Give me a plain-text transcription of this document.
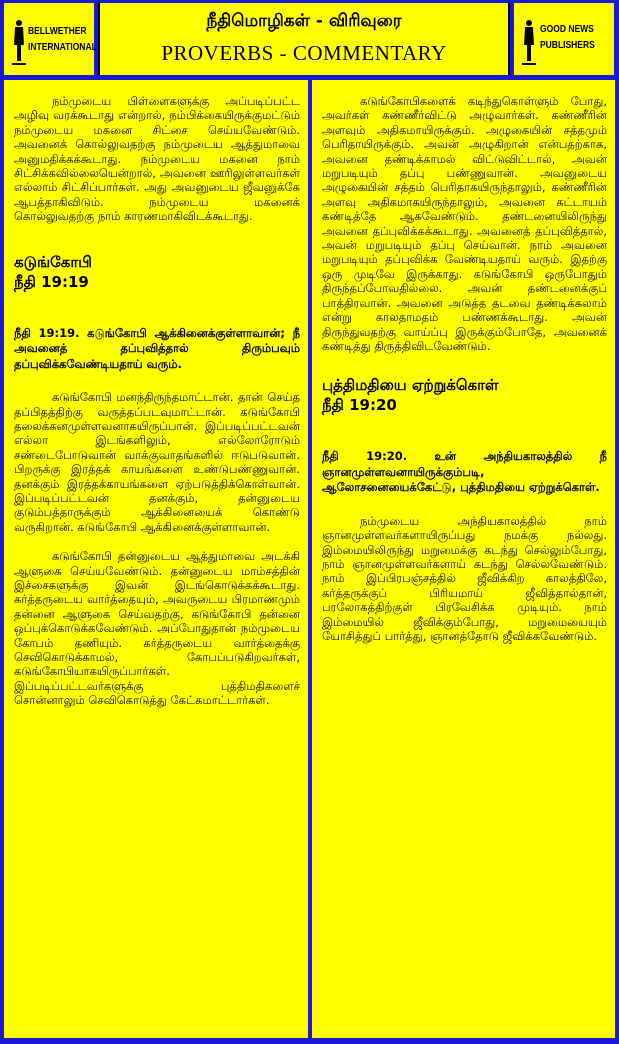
BELLWETHER
INTERNATIONAL
நீதிமொழிகள் - விரிவுரை
PROVERBS - COMMENTARY
GOOD NEWS
PUBLISHERS

நம்முடைய பிள்ளைகளுக்கு அப்படிப்பட்ட அழிவு வரக்கூடாது என்றால், நம்பிக்கையிருக்குமட்டும் நம்முடைய மகனை சிட்சை செய்யவேண்டும். அவனைக் கொல்லுவதற்கு நம்முடைய ஆத்துமாவை அனுமதிக்கக்கூடாது. நம்முடைய மகனை நாம் சிட்சிக்கவில்லையென்றால், அவனை ஊரிலுள்ளவர்கள் எல்லாம் சிட்சிப்பார்கள். அது அவனுடைய ஜீவனுக்கே ஆபத்தாகிவிடும். நம்முடைய மகனைக் கொல்லுவதற்கு நாம் காரணமாகிவிடக்கூடாது.

கடுங்கோபி
நீதி 19:19
நீதி 19:19. கடுங்கோபி ஆக்கினைக்குள்ளாவான்; நீ அவனைத் தப்புவித்தால் திரும்பவும் தப்புவிக்கவேண்டியதாய் வரும்.

கடுங்கோபி மனந்திருந்தமாட்டான். தான் செய்த தப்பிதத்திற்கு வருத்தப்படவுமாட்டான். கடுங்கோபி தலைக்கனமுள்ளவனாகயிருப்பான். இப்படிப்பட்டவன் எல்லா இடங்களிலும், எல்லோரோடும் சண்டைபோடுவான் வாக்குவாதங்களில் ஈடுபடுவான். பிறருக்கு இரத்தக் காயங்களை உண்டுபண்ணுவான். தனக்கும் இரத்தக்காயங்களை ஏற்படுத்திக்கொள்வான். இப்படிப்பட்டவன் தனக்கும், தன்னுடைய குடும்பத்தாருக்கும் ஆக்கினையைக் கொண்டு வருகிறான். கடுங்கோபி ஆக்கினைக்குள்ளாவான்.

கடுங்கோபி தன்னுடைய ஆத்துமாவை அடக்கி ஆளுகை செய்யவேண்டும். தன்னுடைய மாம்சத்தின் இச்சைகளுக்கு இவன் இடங்கொடுக்கக்கூடாது. கர்த்தருடைய வார்த்தையும், அவருடைய பிரமாணமும் தன்னை ஆளுகை செய்வதற்கு, கடுங்கோபி தன்னை ஒப்புக்கொடுக்கவேண்டும். அப்போதுதான் நம்முடைய கோபம் தணியும். கர்த்தருடைய வார்த்தைக்கு செவிகொடுக்காமல், கோபப்படுகிறவர்கள், கடுங்கோபியாகயிருப்பார்கள். இப்படிப்பட்டவர்களுக்கு புத்திமதிகளைச் சொன்னாலும் செவிகொடுத்து கேட்கமாட்டார்கள்.

கடுங்கோபிகளைக் கடிந்துகொள்ளும் போது, அவர்கள் கண்ணீர்விட்டு அழுவார்கள். கண்ணீரின் அளவும் அதிகமாயிருக்கும். அழுகையின் சத்தமும் பெரிதாயிருக்கும். அவன் அழுகிறான் என்பதற்காக, அவனை தண்டிக்காமல் விட்டுவிட்டால், அவன் மறுபடியும் தப்பு பண்ணுவான். அவனுடைய அழுகையின் சத்தம் பெரிதாகயிருந்தாலும், கண்ணீரின் அளவு அதிகமாகயிருந்தாலும், அவனை கட்டாயம் கண்டித்தே ஆகவேண்டும். தண்டனையிலிருந்து அவனை தப்புவிக்கக்கூடாது. அவனைத் தப்புவித்தால், அவன் மறுபடியும் தப்பு செய்வான். நாம் அவனை மறுபடியும் தப்புவிக்க வேண்டியதாய் வரும். இதற்கு ஒரு முடிவே இருக்காது. கடுங்கோபி ஒருபோதும் திருந்தப்போவதில்லை. அவன் தண்டனைக்குப் பாத்திரவான். அவனை அடுத்த தடவை தண்டிக்கலாம் என்று காலதாமதம் பண்ணக்கூடாது. அவன் திருந்துவதற்கு வாய்ப்பு இருக்கும்போதே, அவனைக் கண்டித்து திருத்திவிடவேண்டும்.

புத்திமதியை ஏற்றுக்கொள்
நீதி 19:20
நீதி 19:20. உன் அந்தியகாலத்தில் நீ ஞானமுள்ளவனாயிருக்கும்படி, ஆலோசனையைக்கேட்டு, புத்திமதியை ஏற்றுக்கொள்.

நம்முடைய அந்தியகாலத்தில் நாம் ஞானமுள்ளவர்களாயிருப்பது நமக்கு நல்லது. இம்மையிலிருந்து மறுமைக்கு கடந்து செல்லும்போது, நாம் ஞானமுள்ளவர்களாய் கடந்து செல்லவேண்டும். நாம் இப்பிரபஞ்சத்தில் ஜீவிக்கிற காலத்திலே, கர்த்தருக்குப் பிரியமாய் ஜீவித்தால்தான், பரலோகத்திற்குள் பிரவேசிக்க முடியும். நாம் இம்மையில் ஜீவிக்கும்போது, மறுமையையும் யோசித்துப் பார்த்து, ஞானத்தோடு ஜீவிக்கவேண்டும்.
